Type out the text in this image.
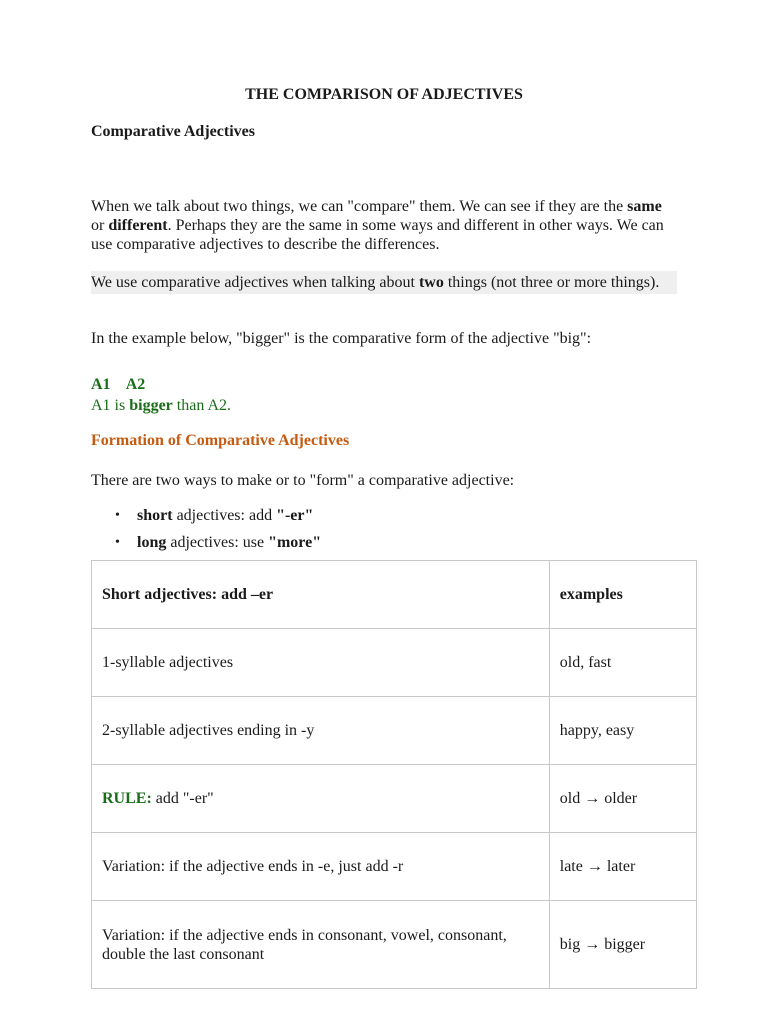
THE COMPARISON OF ADJECTIVES
Comparative Adjectives
When we talk about two things, we can "compare" them. We can see if they are the same or different. Perhaps they are the same in some ways and different in other ways. We can use comparative adjectives to describe the differences.
We use comparative adjectives when talking about two things (not three or more things).
In the example below, "bigger" is the comparative form of the adjective "big":
A1 A2
A1 is bigger than A2.
Formation of Comparative Adjectives
There are two ways to make or to "form" a comparative adjective:
• short adjectives: add "-er"
• long adjectives: use "more"
Short adjectives: add –er	examples
1-syllable adjectives	old, fast
2-syllable adjectives ending in -y	happy, easy
RULE: add "-er"	old → older
Variation: if the adjective ends in -e, just add -r	late → later
Variation: if the adjective ends in consonant, vowel, consonant, double the last consonant	big → bigger
